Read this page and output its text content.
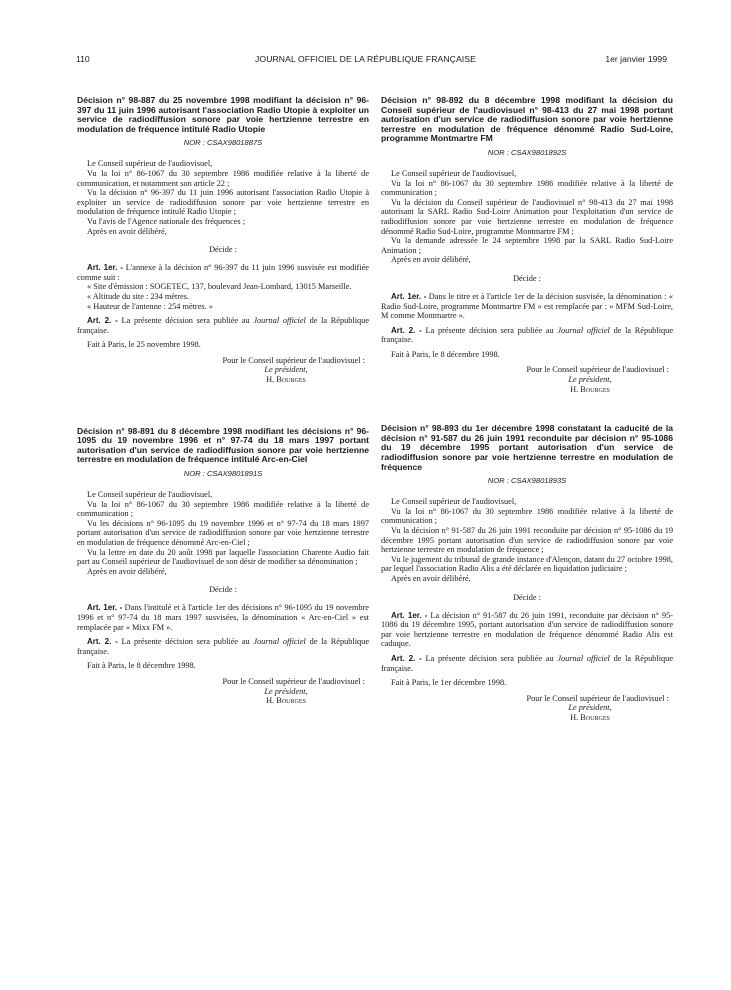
110	JOURNAL OFFICIEL DE LA RÉPUBLIQUE FRANÇAISE	1er janvier 1999

Décision n° 98-887 du 25 novembre 1998 modifiant la décision n° 96-397 du 11 juin 1996 autorisant l'association Radio Utopie à exploiter un service de radiodiffusion sonore par voie hertzienne terrestre en modulation de fréquence intitulé Radio Utopie

NOR : CSAX9801887S

Le Conseil supérieur de l'audiovisuel,

Vu la loi n° 86-1067 du 30 septembre 1986 modifiée relative à la liberté de communication, et notamment son article 22 ;

Vu la décision n° 96-397 du 11 juin 1996 autorisant l'association Radio Utopie à exploiter un service de radiodiffusion sonore par voie hertzienne terrestre en modulation de fréquence intitulé Radio Utopie ;

Vu l'avis de l'Agence nationale des fréquences ;

Après en avoir délibéré,

Décide :

Art. 1er. - L'annexe à la décision n° 96-397 du 11 juin 1996 susvisée est modifiée comme suit :

« Site d'émission : SOGETEC, 137, boulevard Jean-Lombard, 13015 Marseille.

« Altitude du site : 234 mètres.

« Hauteur de l'antenne : 254 mètres. »

Art. 2. - La présente décision sera publiée au Journal officiel de la République française.

Fait à Paris, le 25 novembre 1998.

Pour le Conseil supérieur de l'audiovisuel :
Le président,
H. Bourges

Décision n° 98-891 du 8 décembre 1998 modifiant les décisions n° 96-1095 du 19 novembre 1996 et n° 97-74 du 18 mars 1997 portant autorisation d'un service de radiodiffusion sonore par voie hertzienne terrestre en modulation de fréquence intitulé Arc-en-Ciel

NOR : CSAX9801891S

Le Conseil supérieur de l'audiovisuel,

Vu la loi n° 86-1067 du 30 septembre 1986 modifiée relative à la liberté de communication ;

Vu les décisions n° 96-1095 du 19 novembre 1996 et n° 97-74 du 18 mars 1997 portant autorisation d'un service de radiodiffusion sonore par voie hertzienne terrestre en modulation de fréquence dénommé Arc-en-Ciel ;

Vu la lettre en date du 20 août 1998 par laquelle l'association Charente Audio fait part au Conseil supérieur de l'audiovisuel de son désir de modifier sa dénomination ;

Après en avoir délibéré,

Décide :

Art. 1er. - Dans l'intitulé et à l'article 1er des décisions n° 96-1095 du 19 novembre 1996 et n° 97-74 du 18 mars 1997 susvisées, la dénomination « Arc-en-Ciel » est remplacée par « Mixx FM ».

Art. 2. - La présente décision sera publiée au Journal officiel de la République française.

Fait à Paris, le 8 décembre 1998.

Pour le Conseil supérieur de l'audiovisuel :
Le président,
H. Bourges

Décision n° 98-892 du 8 décembre 1998 modifiant la décision du Conseil supérieur de l'audiovisuel n° 98-413 du 27 mai 1998 portant autorisation d'un service de radiodiffusion sonore par voie hertzienne terrestre en modulation de fréquence dénommé Radio Sud-Loire, programme Montmartre FM

NOR : CSAX9801892S

Le Conseil supérieur de l'audiovisuel,

Vu la loi n° 86-1067 du 30 septembre 1986 modifiée relative à la liberté de communication ;

Vu la décision du Conseil supérieur de l'audiovisuel n° 98-413 du 27 mai 1998 autorisant la SARL Radio Sud-Loire Animation pour l'exploitation d'un service de radiodiffusion sonore par voie hertzienne terrestre en modulation de fréquence dénommé Radio Sud-Loire, programme Montmartre FM ;

Vu la demande adressée le 24 septembre 1998 par la SARL Radio Sud-Loire Animation ;

Après en avoir délibéré,

Décide :

Art. 1er. - Dans le titre et à l'article 1er de la décision susvisée, la dénomination : « Radio Sud-Loire, programme Montmartre FM » est remplacée par : « MFM Sud-Loire, M comme Montmartre ».

Art. 2. - La présente décision sera publiée au Journal officiel de la République française.

Fait à Paris, le 8 décembre 1998.

Pour le Conseil supérieur de l'audiovisuel :
Le président,
H. Bourges

Décision n° 98-893 du 1er décembre 1998 constatant la caducité de la décision n° 91-587 du 26 juin 1991 reconduite par décision n° 95-1086 du 19 décembre 1995 portant autorisation d'un service de radiodiffusion sonore par voie hertzienne terrestre en modulation de fréquence

NOR : CSAX9801893S

Le Conseil supérieur de l'audiovisuel,

Vu la loi n° 86-1067 du 30 septembre 1986 modifiée relative à la liberté de communication ;

Vu la décision n° 91-587 du 26 juin 1991 reconduite par décision n° 95-1086 du 19 décembre 1995 portant autorisation d'un service de radiodiffusion sonore par voie hertzienne terrestre en modulation de fréquence ;

Vu le jugement du tribunal de grande instance d'Alençon, datant du 27 octobre 1998, par lequel l'association Radio Alis a été déclarée en liquidation judiciaire ;

Après en avoir délibéré,

Décide :

Art. 1er. - La décision n° 91-587 du 26 juin 1991, reconduite par décision n° 95-1086 du 19 décembre 1995, portant autorisation d'un service de radiodiffusion sonore par voie hertzienne terrestre en modulation de fréquence dénommé Radio Alis est caduque.

Art. 2. - La présente décision sera publiée au Journal officiel de la République française.

Fait à Paris, le 1er décembre 1998.

Pour le Conseil supérieur de l'audiovisuel :
Le président,
H. Bourges
